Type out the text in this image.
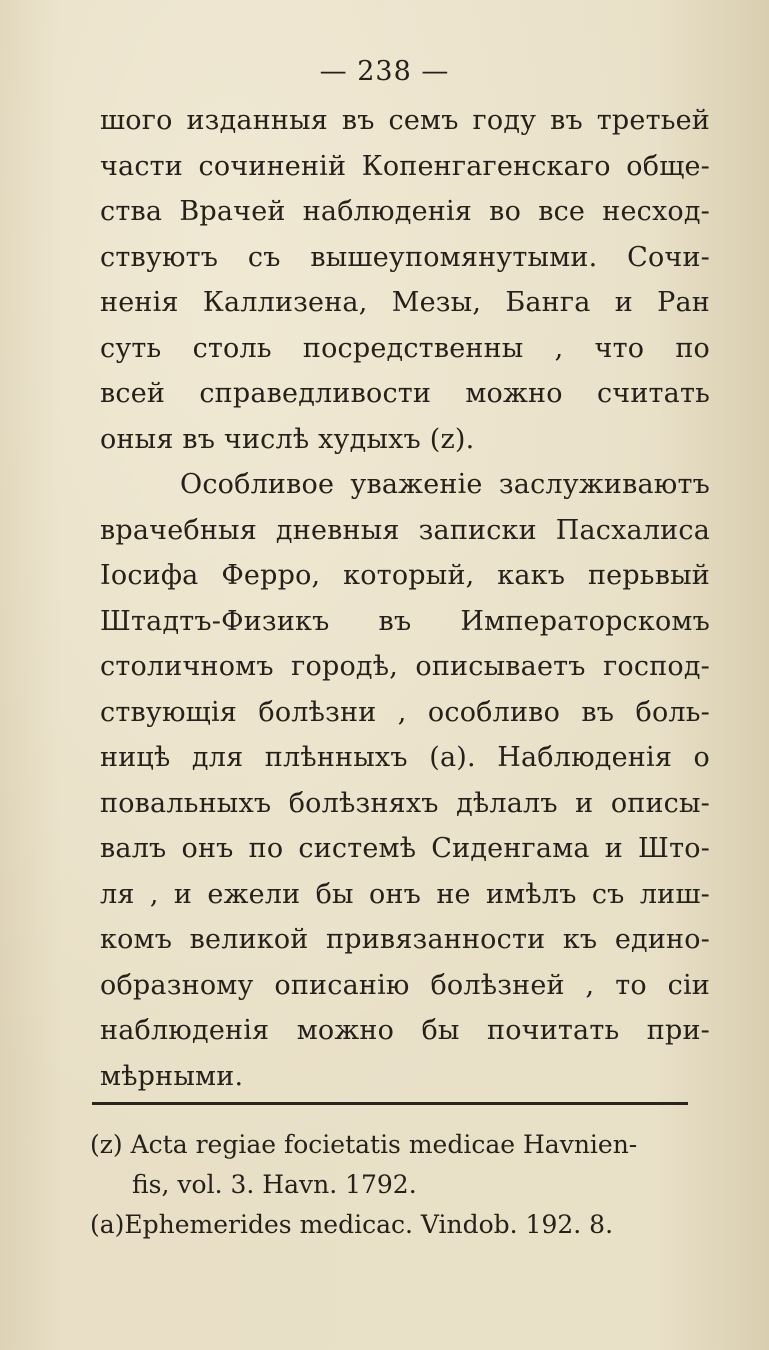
— 238 —
шого изданныя въ семъ году въ третьей
части сочиненій Копенгагенскаго обще-
ства Врачей наблюденія во все несход-
ствуютъ съ вышеупомянутыми. Сочи-
ненія Каллизена, Мезы, Банга и Ран
суть столь посредственны , что по
всей справедливости можно считать
оныя въ числѣ худыхъ (z).
Особливое уваженіе заслуживаютъ
врачебныя дневныя записки Пасхалиса
Іосифа Ферро, который, какъ перьвый
Штадтъ-Физикъ въ Императорскомъ
столичномъ городѣ, описываетъ господ-
ствующія болѣзни , особливо въ боль-
ницѣ для плѣнныхъ (а). Наблюденія о
повальныхъ болѣзняхъ дѣлалъ и описы-
валъ онъ по системѣ Сиденгама и Што-
ля , и ежели бы онъ не имѣлъ съ лиш-
комъ великой привязанности къ едино-
образному описанію болѣзней , то сіи
наблюденія можно бы почитать при-
мѣрными.
(z) Acta regiae focietatis medicae Havnien-
fis, vol. 3. Havn. 1792.
(a)Ephemerides medicac. Vindob. 192. 8.
